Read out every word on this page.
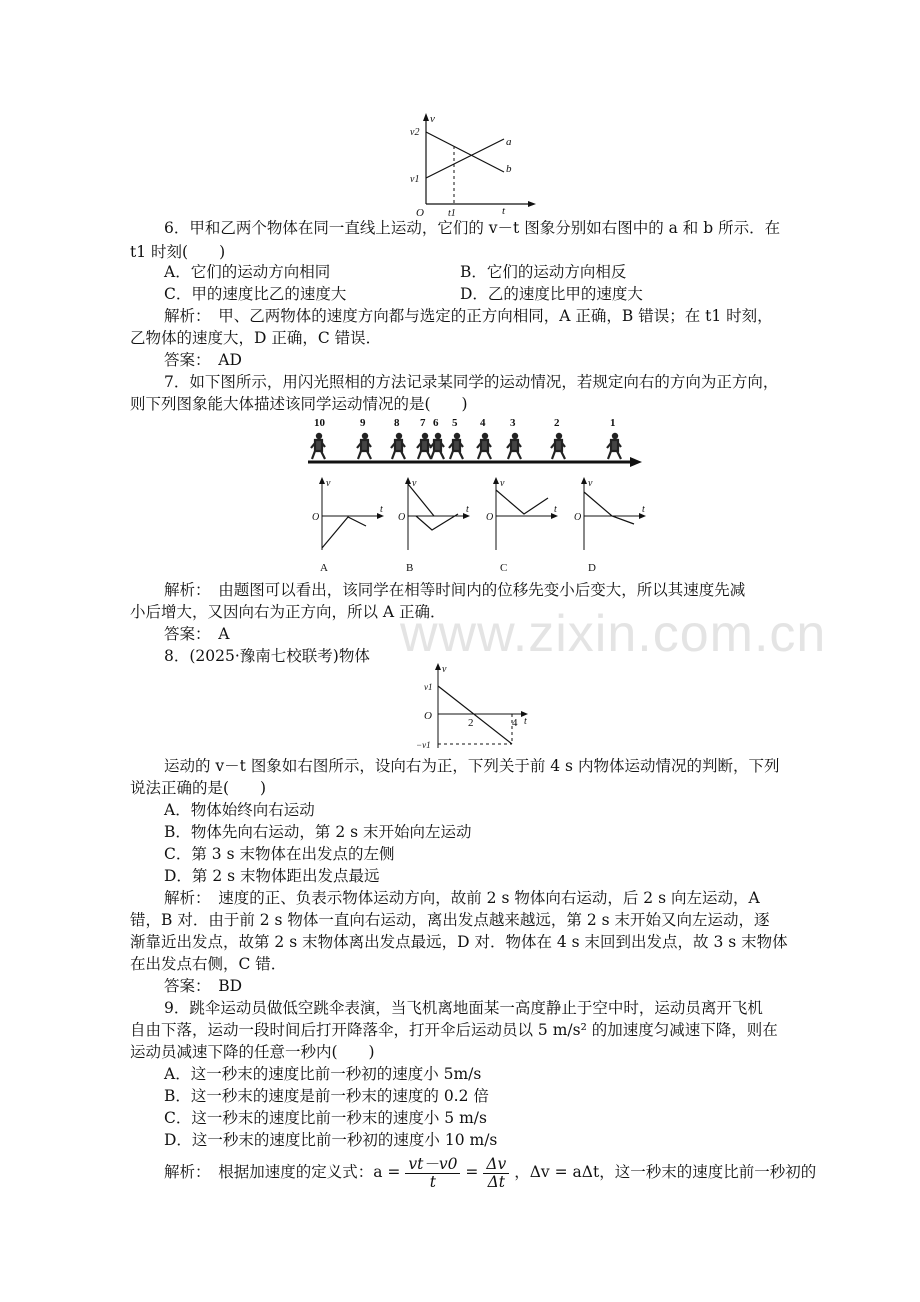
v
v2
v1
O t1	t
a
b
6．甲和乙两个物体在同一直线上运动，它们的 v－t 图象分别如右图中的 a 和 b 所示．在
t1 时刻(　　)
A．它们的运动方向相同	B．它们的运动方向相反
C．甲的速度比乙的速度大	D．乙的速度比甲的速度大
解析：　甲、乙两物体的速度方向都与选定的正方向相同，A 正确，B 错误；在 t1 时刻，
乙物体的速度大，D 正确，C 错误．
答案：　AD
7．如下图所示，用闪光照相的方法记录某同学的运动情况，若规定向右的方向为正方向，
则下列图象能大体描述该同学运动情况的是(　　)
10	9	8 7 6 5 4 3	2	1
v
O
t
A
v
O
t
B
v
O
t
C
v
O
t
D
解析：　由题图可以看出，该同学在相等时间内的位移先变小后变大，所以其速度先减
小后增大，又因向右为正方向，所以 A 正确．
答案：　A	www.zixin.com.cn
8．(2025·豫南七校联考)物体
v
v1
O
−v1
2	4 t
运动的 v－t 图象如右图所示，设向右为正，下列关于前 4 s 内物体运动情况的判断，下列
说法正确的是(　　)
A．物体始终向右运动
B．物体先向右运动，第 2 s 末开始向左运动
C．第 3 s 末物体在出发点的左侧
D．第 2 s 末物体距出发点最远
解析：　速度的正、负表示物体运动方向，故前 2 s 物体向右运动，后 2 s 向左运动，A
错，B 对．由于前 2 s 物体一直向右运动，离出发点越来越远，第 2 s 末开始又向左运动，逐
渐靠近出发点，故第 2 s 末物体离出发点最远，D 对．物体在 4 s 末回到出发点，故 3 s 末物体
在出发点右侧，C 错．
答案：　BD
9．跳伞运动员做低空跳伞表演，当飞机离地面某一高度静止于空中时，运动员离开飞机
自由下落，运动一段时间后打开降落伞，打开伞后运动员以 5 m/s² 的加速度匀减速下降，则在
运动员减速下降的任意一秒内(　　)
A．这一秒末的速度比前一秒初的速度小 5m/s
B．这一秒末的速度是前一秒末的速度的 0.2 倍
C．这一秒末的速度比前一秒末的速度小 5 m/s
D．这一秒末的速度比前一秒初的速度小 10 m/s
解析：　根据加速度的定义式：$a = \frac{vt-v0}{t} = \frac{\Delta v}{\Delta t}$ ，Δv = aΔt，这一秒末的速度比前一秒初的
